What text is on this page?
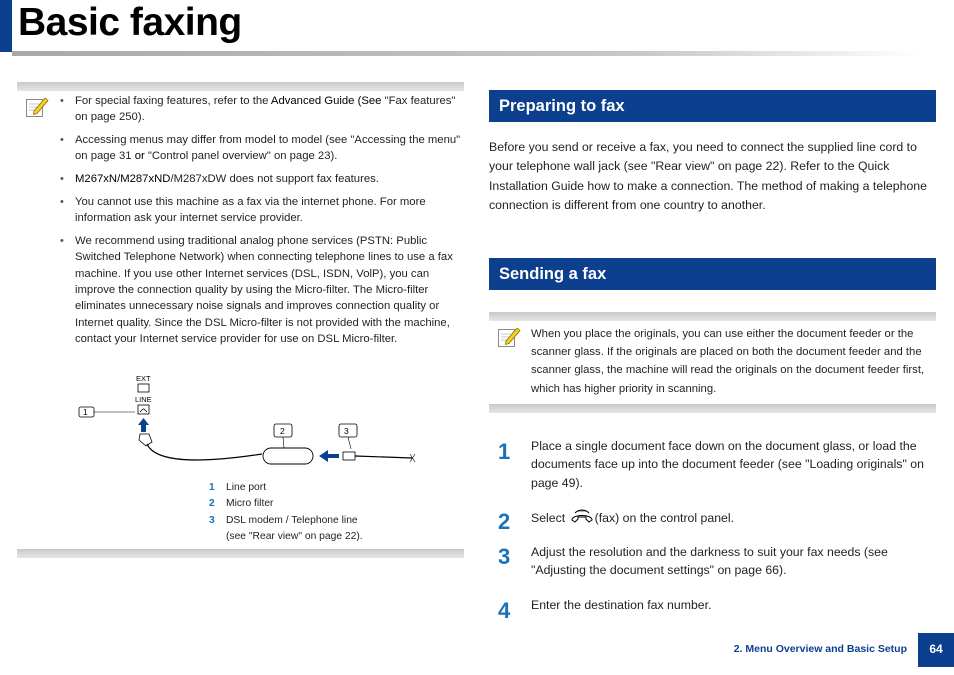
Basic faxing
• For special faxing features, refer to the Advanced Guide (See "Fax features" on page 250).
• Accessing menus may differ from model to model (see "Accessing the menu" on page 31 or "Control panel overview" on page 23).
• M267xN/M287xND/M287xDW does not support fax features.
• You cannot use this machine as a fax via the internet phone. For more information ask your internet service provider.
• We recommend using traditional analog phone services (PSTN: Public Switched Telephone Network) when connecting telephone lines to use a fax machine. If you use other Internet services (DSL, ISDN, VolP), you can improve the connection quality by using the Micro-filter. The Micro-filter eliminates unnecessary noise signals and improves connection quality or Internet quality. Since the DSL Micro-filter is not provided with the machine, contact your Internet service provider for use on DSL Micro-filter.
EXT
LINE
1
2	3
1 Line port
2 Micro filter
3 DSL modem / Telephone line
(see "Rear view" on page 22).
Preparing to fax
Before you send or receive a fax, you need to connect the supplied line cord to your telephone wall jack (see "Rear view" on page 22). Refer to the Quick Installation Guide how to make a connection. The method of making a telephone connection is different from one country to another.
Sending a fax
When you place the originals, you can use either the document feeder or the scanner glass. If the originals are placed on both the document feeder and the scanner glass, the machine will read the originals on the document feeder first, which has higher priority in scanning.
1 Place a single document face down on the document glass, or load the documents face up into the document feeder (see "Loading originals" on page 49).
2 Select (fax) on the control panel.
3 Adjust the resolution and the darkness to suit your fax needs (see "Adjusting the document settings" on page 66).
4 Enter the destination fax number.
2. Menu Overview and Basic Setup	64
